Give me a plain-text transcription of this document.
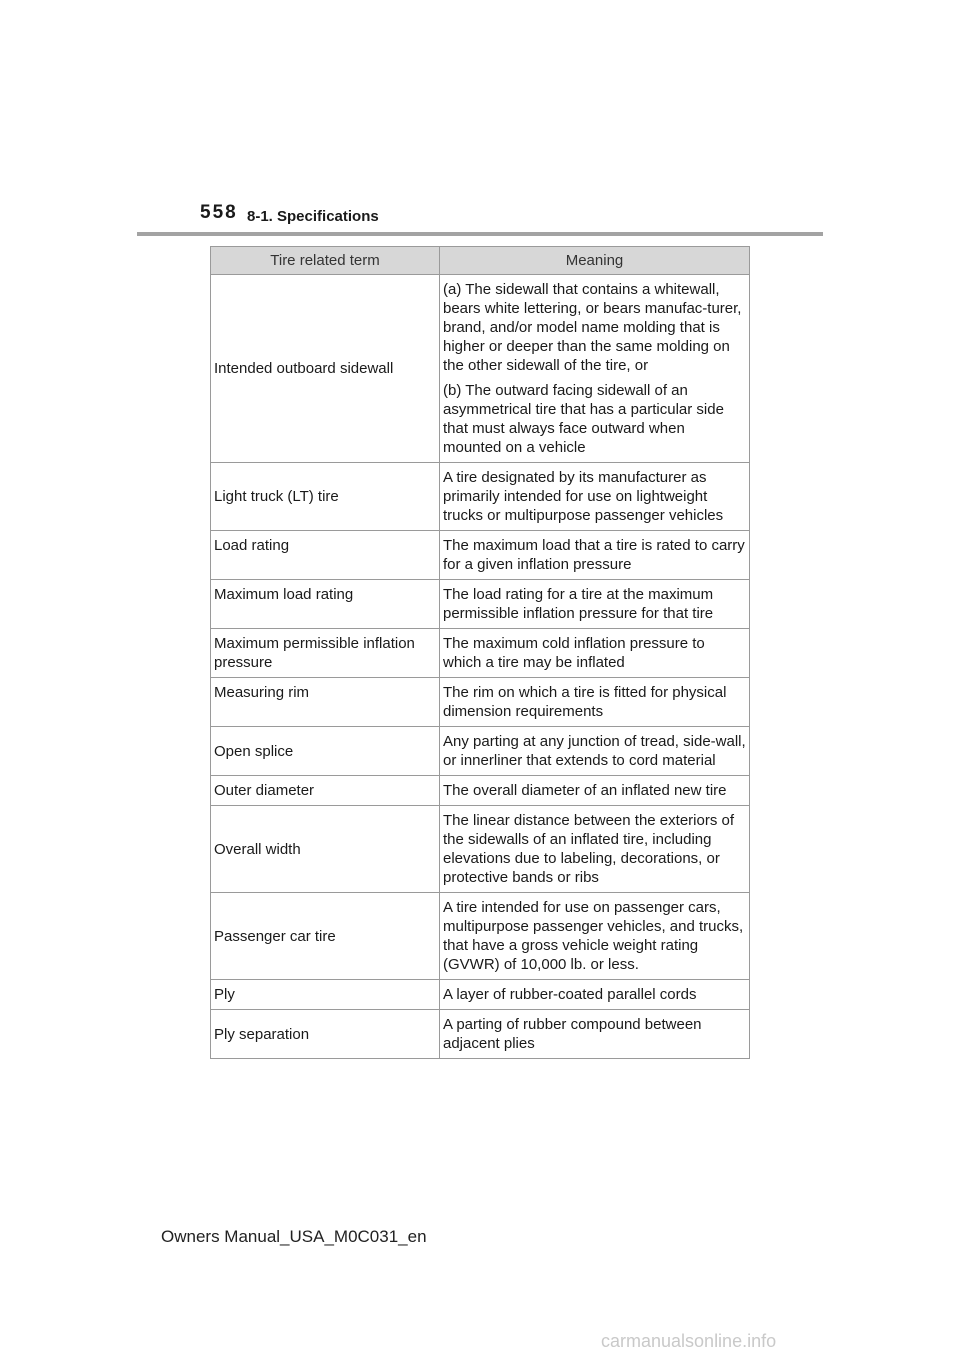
558 8-1. Specifications
Tire related term	Meaning
Intended outboard sidewall	(a) The sidewall that contains a whitewall, bears white lettering, or bears manufac-turer, brand, and/or model name molding that is higher or deeper than the same molding on the other sidewall of the tire, or

(b) The outward facing sidewall of an asymmetrical tire that has a particular side that must always face outward when mounted on a vehicle

Light truck (LT) tire	A tire designated by its manufacturer as primarily intended for use on lightweight trucks or multipurpose passenger vehicles

Load rating	The maximum load that a tire is rated to carry for a given inflation pressure

Maximum load rating	The load rating for a tire at the maximum permissible inflation pressure for that tire

Maximum permissible inflation pressure	The maximum cold inflation pressure to which a tire may be inflated

Measuring rim	The rim on which a tire is fitted for physical dimension requirements

Open splice	Any parting at any junction of tread, side-wall, or innerliner that extends to cord material

Outer diameter	The overall diameter of an inflated new tire

Overall width	The linear distance between the exteriors of the sidewalls of an inflated tire, including elevations due to labeling, decorations, or protective bands or ribs

Passenger car tire	A tire intended for use on passenger cars, multipurpose passenger vehicles, and trucks, that have a gross vehicle weight rating (GVWR) of 10,000 lb. or less.

Ply	A layer of rubber-coated parallel cords

Ply separation	A parting of rubber compound between adjacent plies

Owners Manual_USA_M0C031_en
carmanualsonline.info
